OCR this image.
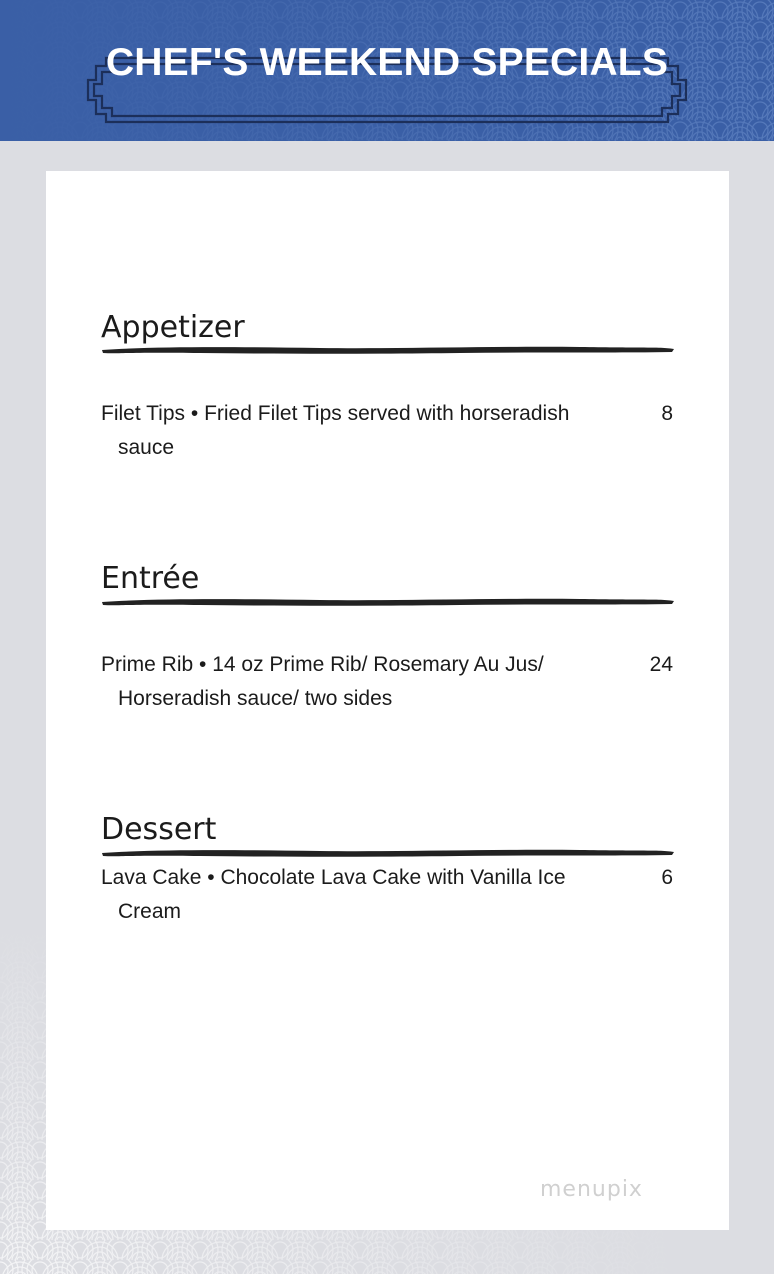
CHEF'S WEEKEND SPECIALS
Appetizer
Filet Tips • Fried Filet Tips served with horseradish
sauce
8
Entrée
Prime Rib • 14 oz Prime Rib/ Rosemary Au Jus/
Horseradish sauce/ two sides
24
Dessert
Lava Cake • Chocolate Lava Cake with Vanilla Ice
Cream
6
menupix
